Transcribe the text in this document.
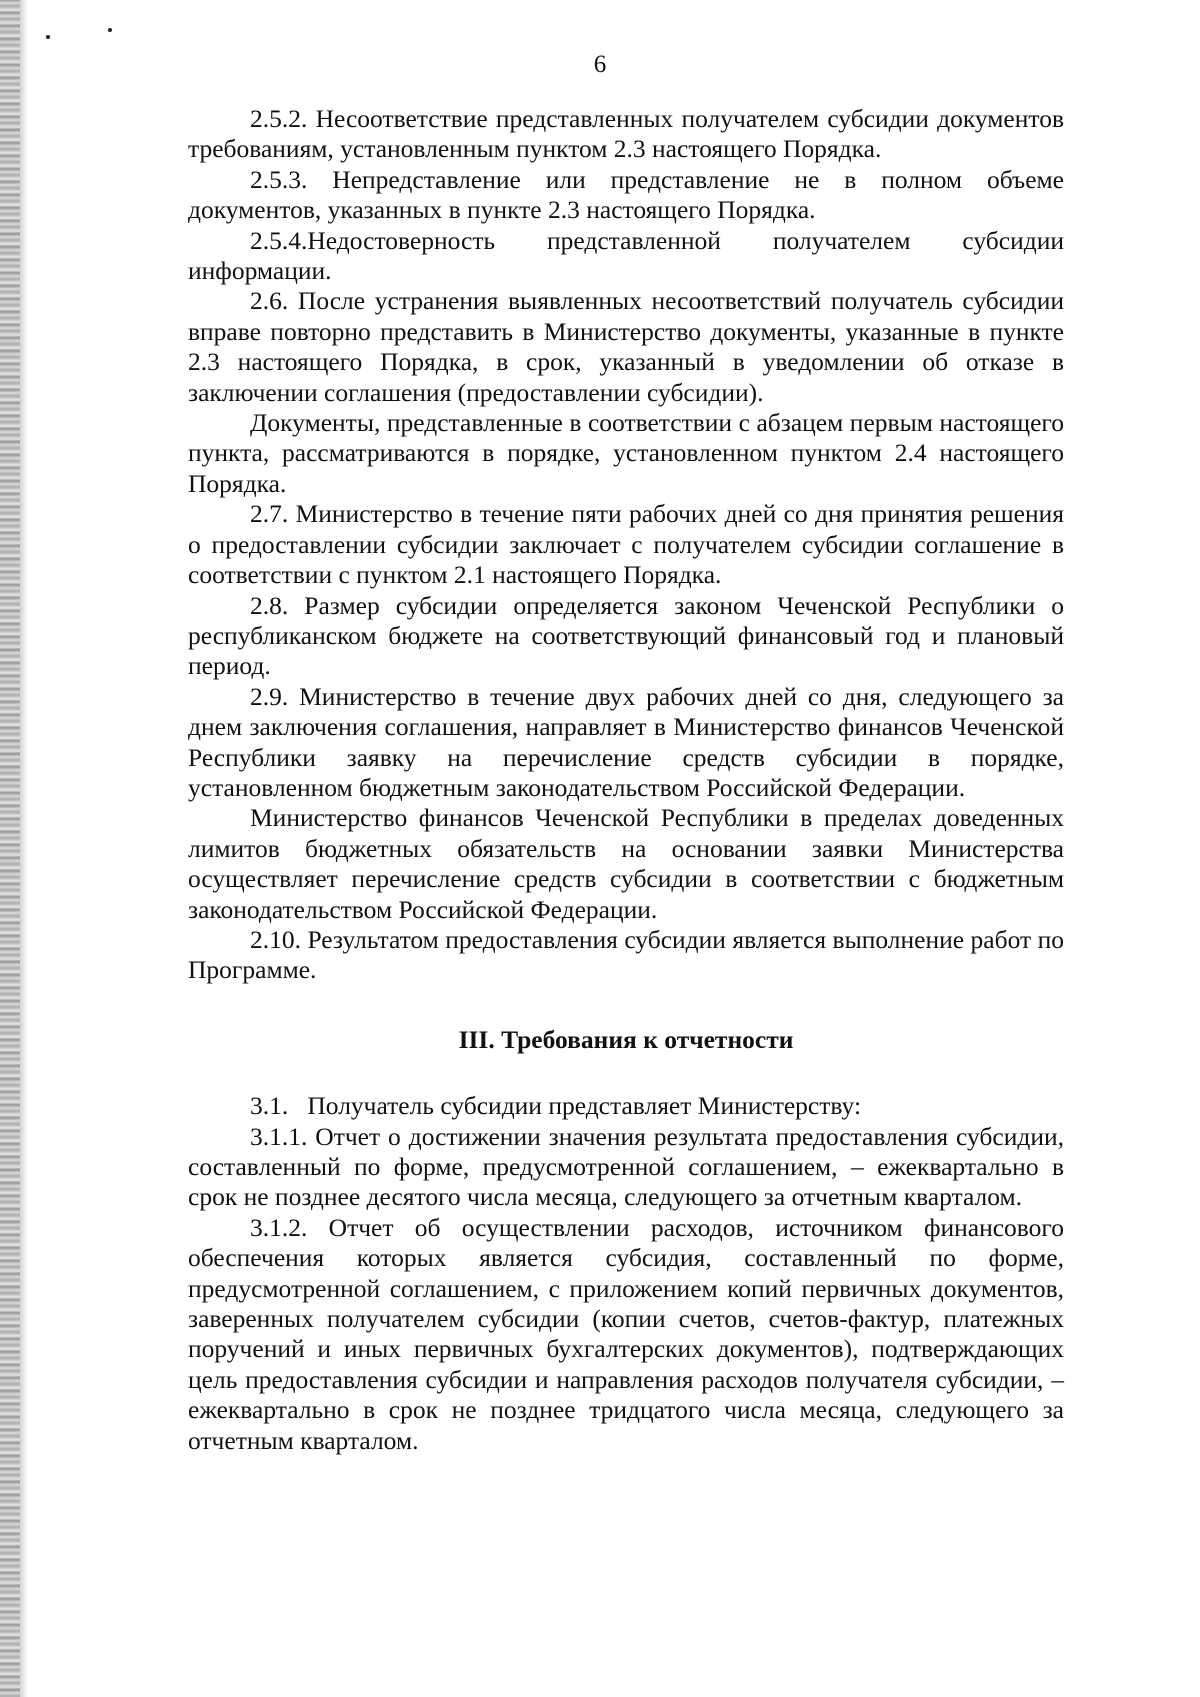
6

2.5.2. Несоответствие представленных получателем субсидии документов требованиям, установленным пунктом 2.3 настоящего Порядка.

2.5.3. Непредставление или представление не в полном объеме документов, указанных в пункте 2.3 настоящего Порядка.

2.5.4.Недостоверность представленной получателем субсидии информации.

2.6. После устранения выявленных несоответствий получатель субсидии вправе повторно представить в Министерство документы, указанные в пункте 2.3 настоящего Порядка, в срок, указанный в уведомлении об отказе в заключении соглашения (предоставлении субсидии).

Документы, представленные в соответствии с абзацем первым настоящего пункта, рассматриваются в порядке, установленном пунктом 2.4 настоящего Порядка.

2.7. Министерство в течение пяти рабочих дней со дня принятия решения о предоставлении субсидии заключает с получателем субсидии соглашение в соответствии с пунктом 2.1 настоящего Порядка.

2.8. Размер субсидии определяется законом Чеченской Республики о республиканском бюджете на соответствующий финансовый год и плановый период.

2.9. Министерство в течение двух рабочих дней со дня, следующего за днем заключения соглашения, направляет в Министерство финансов Чеченской Республики заявку на перечисление средств субсидии в порядке, установленном бюджетным законодательством Российской Федерации.

Министерство финансов Чеченской Республики в пределах доведенных лимитов бюджетных обязательств на основании заявки Министерства осуществляет перечисление средств субсидии в соответствии с бюджетным законодательством Российской Федерации.

2.10. Результатом предоставления субсидии является выполнение работ по Программе.

III. Требования к отчетности

3.1.   Получатель субсидии представляет Министерству:

3.1.1. Отчет о достижении значения результата предоставления субсидии, составленный по форме, предусмотренной соглашением, – ежеквартально в срок не позднее десятого числа месяца, следующего за отчетным кварталом.

3.1.2. Отчет об осуществлении расходов, источником финансового обеспечения которых является субсидия, составленный по форме, предусмотренной соглашением, с приложением копий первичных документов, заверенных получателем субсидии (копии счетов, счетов-фактур, платежных поручений и иных первичных бухгалтерских документов), подтверждающих цель предоставления субсидии и направления расходов получателя субсидии, – ежеквартально в срок не позднее тридцатого числа месяца, следующего за отчетным кварталом.
